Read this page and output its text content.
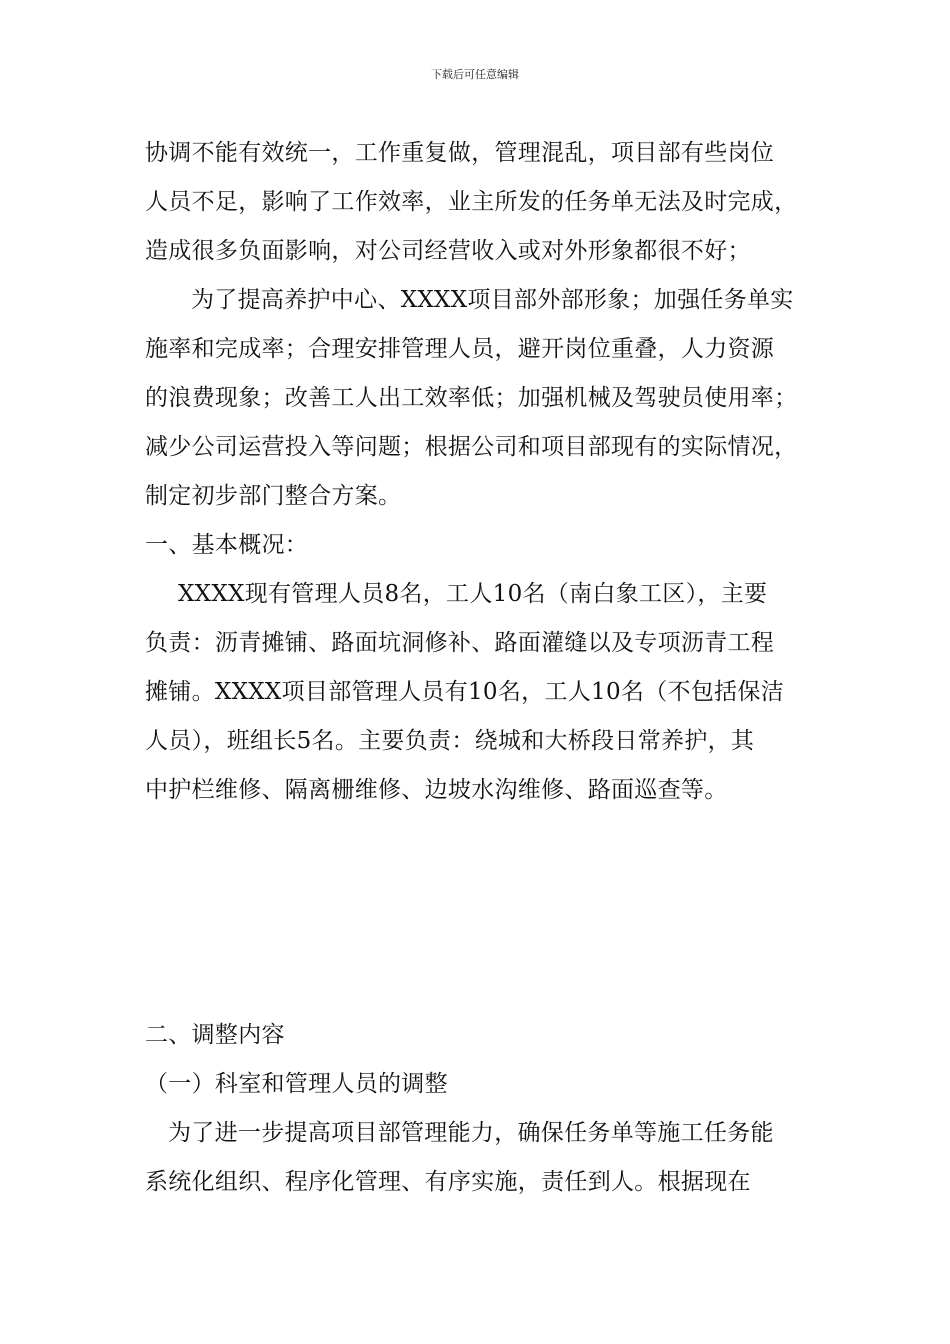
下载后可任意编辑
协调不能有效统一，工作重复做，管理混乱，项目部有些岗位
人员不足，影响了工作效率，业主所发的任务单无法及时完成，
造成很多负面影响，对公司经营收入或对外形象都很不好；
为了提高养护中心、XXXX项目部外部形象；加强任务单实
施率和完成率；合理安排管理人员，避开岗位重叠，人力资源
的浪费现象；改善工人出工效率低；加强机械及驾驶员使用率；
减少公司运营投入等问题；根据公司和项目部现有的实际情况，
制定初步部门整合方案。
一、基本概况：
XXXX现有管理人员8名，工人10名（南白象工区），主要
负责：沥青摊铺、路面坑洞修补、路面灌缝以及专项沥青工程
摊铺。XXXX项目部管理人员有10名，工人10名（不包括保洁
人员），班组长5名。主要负责：绕城和大桥段日常养护，其
中护栏维修、隔离栅维修、边坡水沟维修、路面巡查等。
二、调整内容
（一）科室和管理人员的调整
为了进一步提高项目部管理能力，确保任务单等施工任务能
系统化组织、程序化管理、有序实施，责任到人。根据现在
